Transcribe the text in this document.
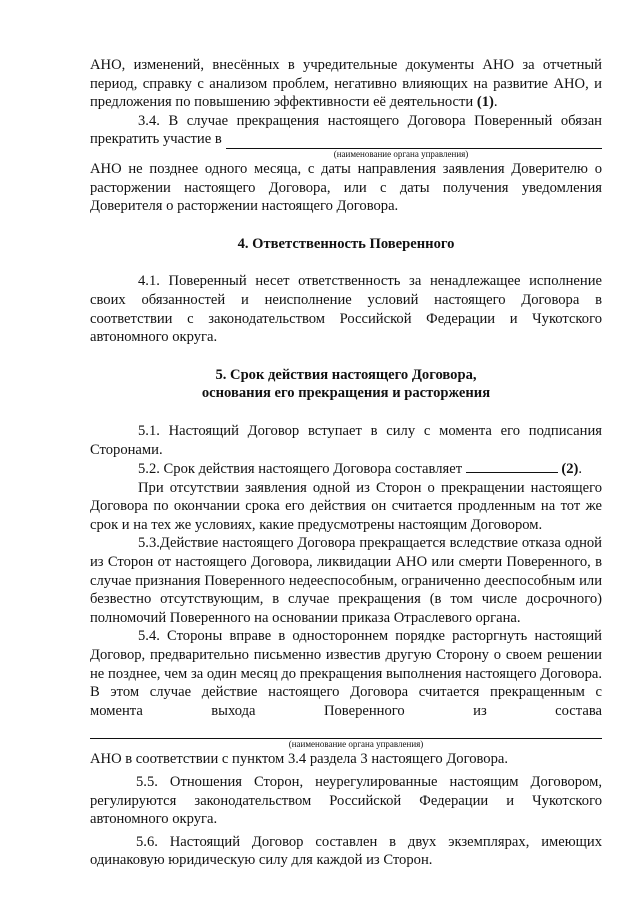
АНО, изменений, внесённых в учредительные документы АНО за отчетный период, справку с анализом проблем, негативно влияющих на развитие АНО, и предложения по повышению эффективности её деятельности (1).

3.4. В случае прекращения настоящего Договора Поверенный обязан

прекратить участие в

(наименование органа управления)

АНО не позднее одного месяца, с даты направления заявления Доверителю о расторжении настоящего Договора, или с даты получения уведомления Доверителя о расторжении настоящего Договора.

4. Ответственность Поверенного

4.1. Поверенный несет ответственность за ненадлежащее исполнение своих обязанностей и неисполнение условий настоящего Договора в соответствии с законодательством Российской Федерации и Чукотского автономного округа.

5. Срок действия настоящего Договора,

основания его прекращения и расторжения

5.1. Настоящий Договор вступает в силу с момента его подписания Сторонами.

5.2. Срок действия настоящего Договора составляет	(2).

При отсутствии заявления одной из Сторон о прекращении настоящего Договора по окончании срока его действия он считается продленным на тот же срок и на тех же условиях, какие предусмотрены настоящим Договором.

5.3.Действие настоящего Договора прекращается вследствие отказа одной из Сторон от настоящего Договора, ликвидации АНО или смерти Поверенного, в случае признания Поверенного недееспособным, ограниченно дееспособным или безвестно отсутствующим, в случае прекращения (в том числе досрочного) полномочий Поверенного на основании приказа Отраслевого органа.

5.4. Стороны вправе в одностороннем порядке расторгнуть настоящий Договор, предварительно письменно известив другую Сторону о своем решении не позднее, чем за один месяц до прекращения выполнения настоящего Договора. В этом случае действие настоящего Договора считается прекращенным с момента выхода Поверенного из состава

(наименование органа управления)

АНО в соответствии с пунктом 3.4 раздела 3 настоящего Договора.

5.5. Отношения Сторон, неурегулированные настоящим Договором, регулируются законодательством Российской Федерации и Чукотского автономного округа.

5.6. Настоящий Договор составлен в двух экземплярах, имеющих одинаковую юридическую силу для каждой из Сторон.
